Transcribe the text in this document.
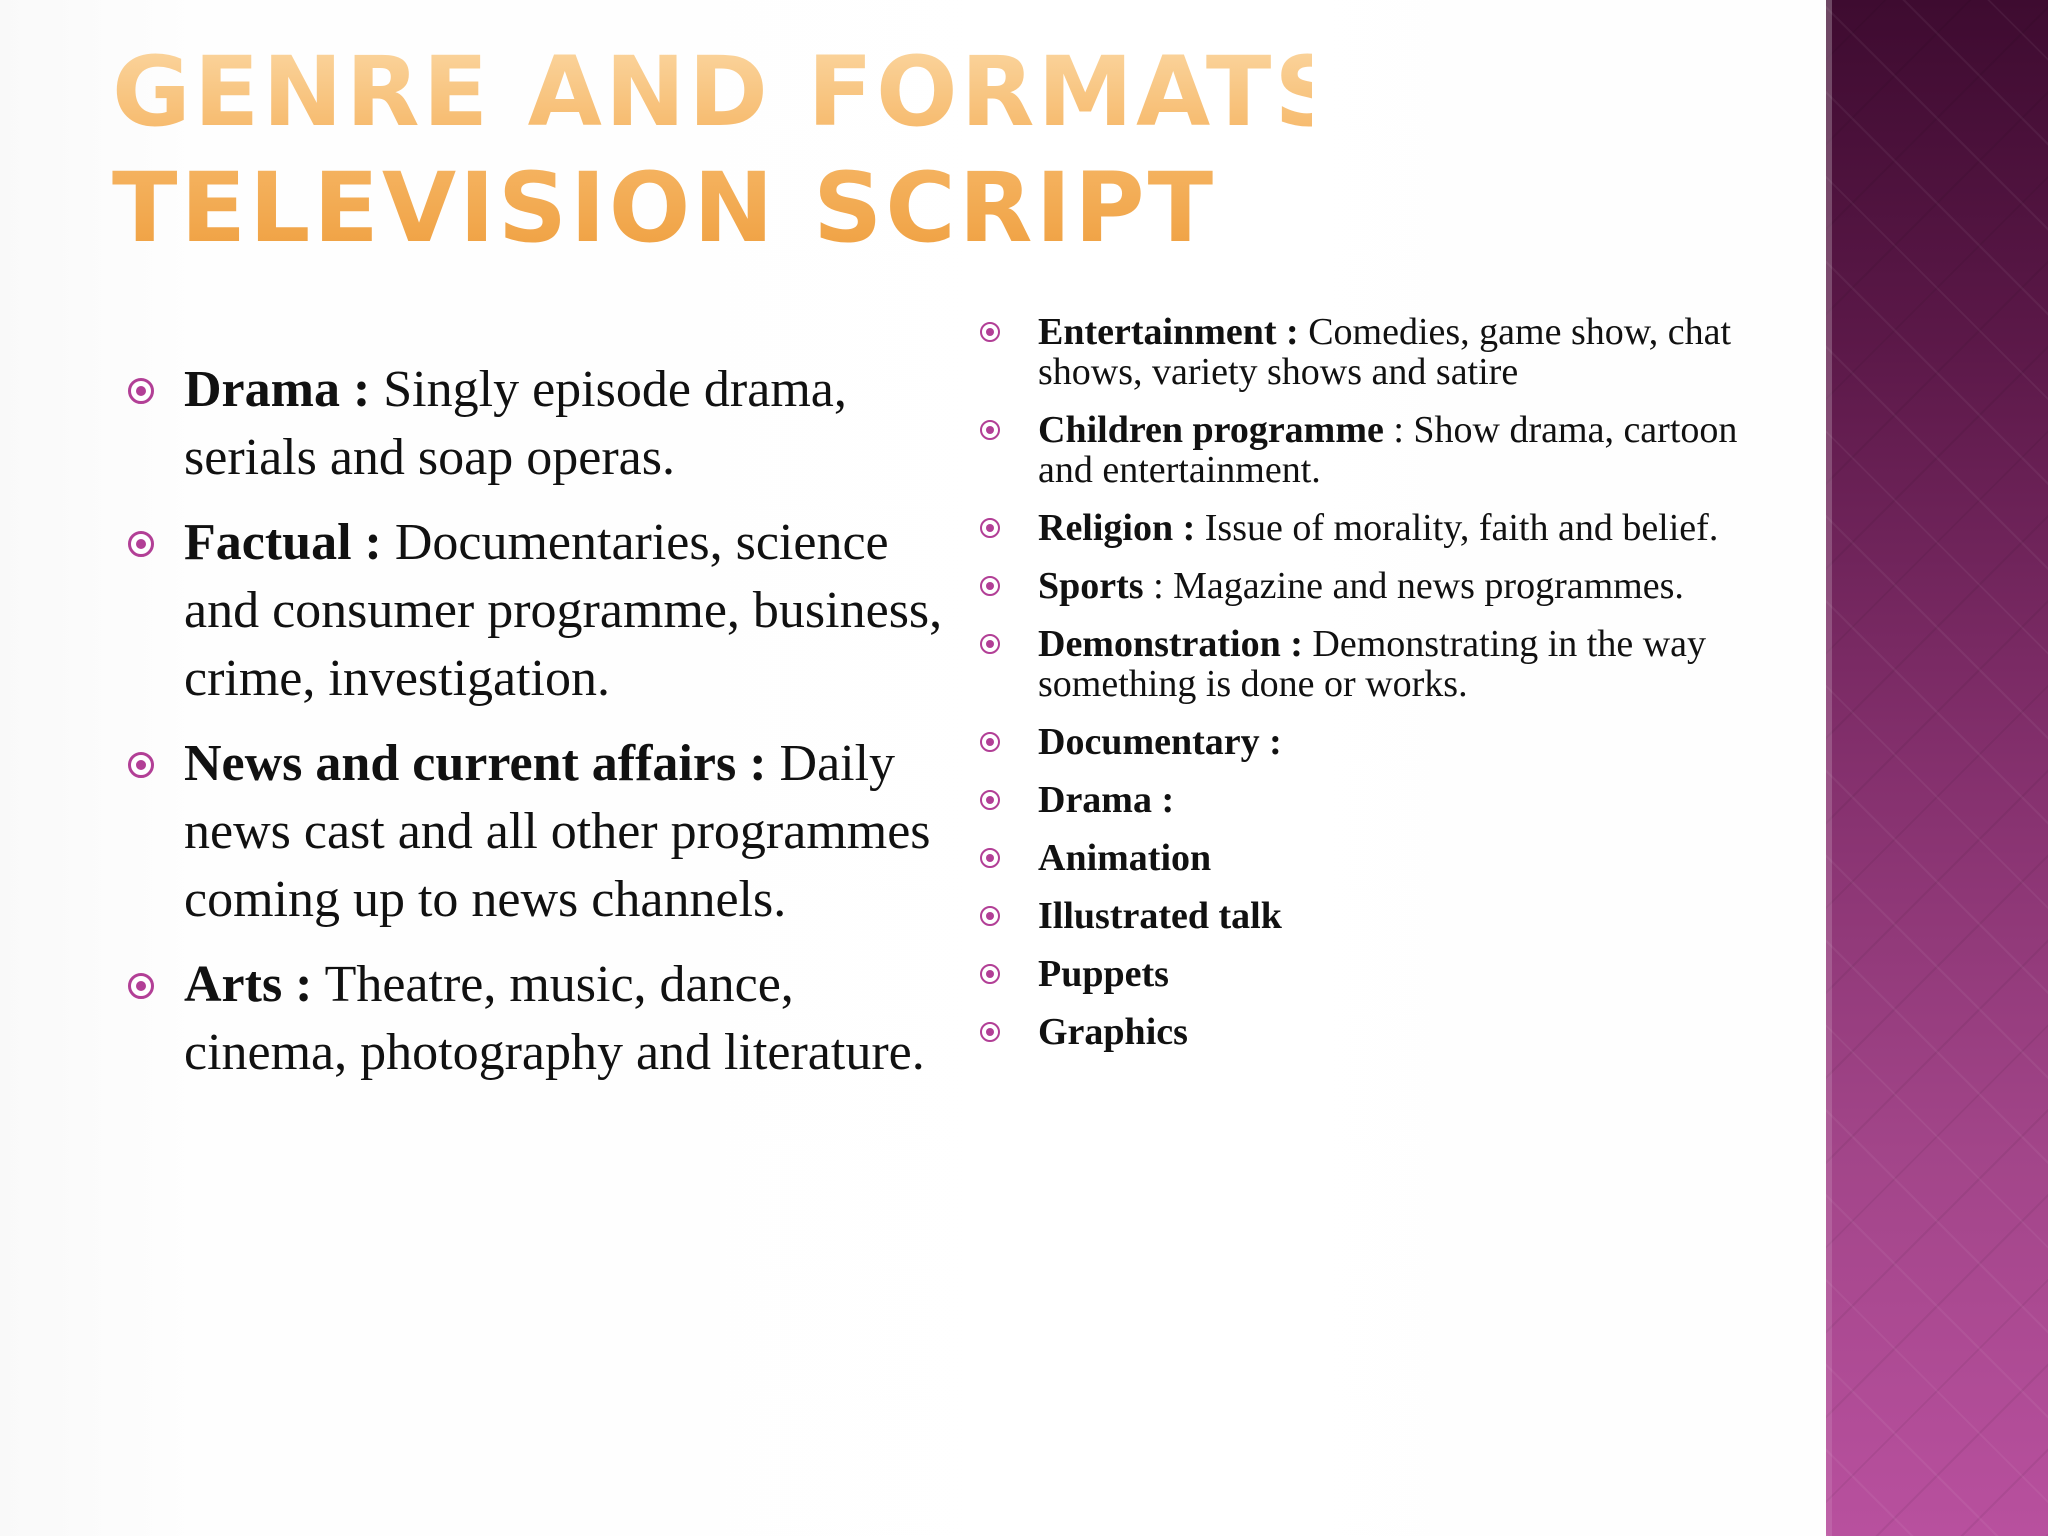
GENRE AND FORMATS OF
TELEVISION SCRIPT
Drama : Singly episode drama, serials and soap operas.
Factual : Documentaries, science and consumer programme, business, crime, investigation.
News and current affairs : Daily news cast and all other programmes coming up to news channels.
Arts : Theatre, music, dance, cinema, photography and literature.
Entertainment : Comedies, game show, chat shows, variety shows and satire
Children programme : Show drama, cartoon and entertainment.
Religion : Issue of morality, faith and belief.
Sports : Magazine and news programmes.
Demonstration : Demonstrating in the way something is done or works.
Documentary :
Drama :
Animation
Illustrated talk
Puppets
Graphics
